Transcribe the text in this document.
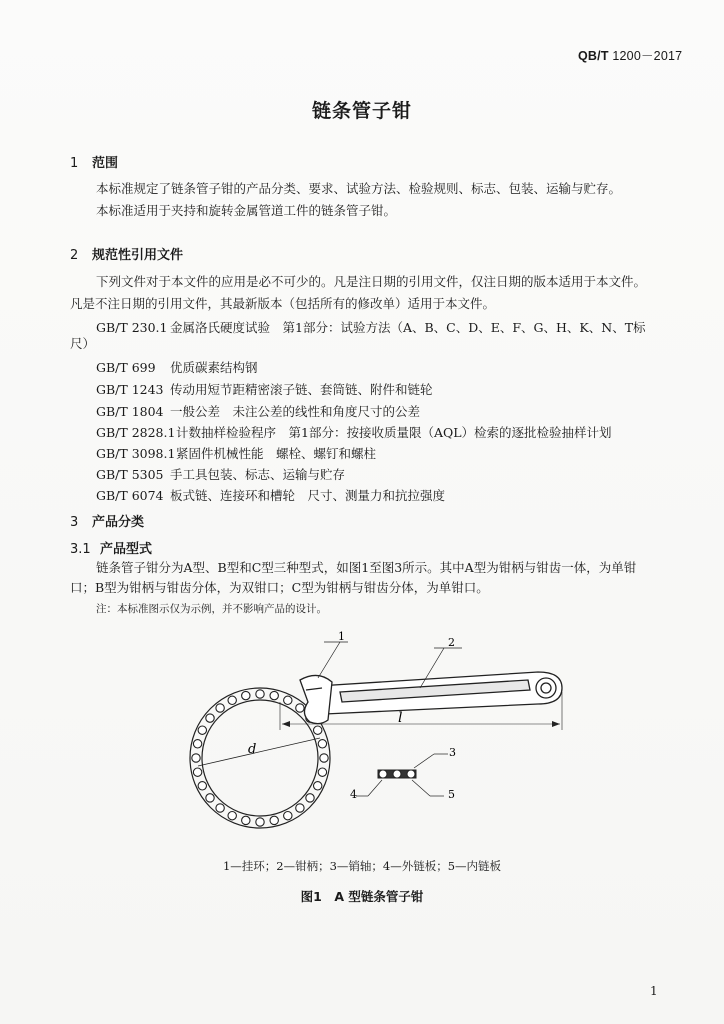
QB/T 1200－2017
链条管子钳
1 范围
本标准规定了链条管子钳的产品分类、要求、试验方法、检验规则、标志、包装、运输与贮存。
本标准适用于夹持和旋转金属管道工件的链条管子钳。
2 规范性引用文件
下列文件对于本文件的应用是必不可少的。凡是注日期的引用文件，仅注日期的版本适用于本文件。
凡是不注日期的引用文件，其最新版本（包括所有的修改单）适用于本文件。
GB/T 230.1 金属洛氏硬度试验　第1部分：试验方法（A、B、C、D、E、F、G、H、K、N、T标
尺）
GB/T 699 优质碳素结构钢
GB/T 1243 传动用短节距精密滚子链、套筒链、附件和链轮
GB/T 1804 一般公差　未注公差的线性和角度尺寸的公差
GB/T 2828.1计数抽样检验程序　第1部分：按接收质量限（AQL）检索的逐批检验抽样计划
GB/T 3098.1紧固件机械性能　螺栓、螺钉和螺柱
GB/T 5305 手工具包装、标志、运输与贮存
GB/T 6074 板式链、连接环和槽轮　尺寸、测量力和抗拉强度
3 产品分类
3.1 产品型式
链条管子钳分为A型、B型和C型三种型式，如图1至图3所示。其中A型为钳柄与钳齿一体，为单钳
口；B型为钳柄与钳齿分体，为双钳口；C型为钳柄与钳齿分体，为单钳口。
注：本标准图示仅为示例，并不影响产品的设计。
d
l
1	2
3
4	5
1—挂环；2—钳柄；3—销轴；4—外链板；5—内链板
图1　A 型链条管子钳
1
